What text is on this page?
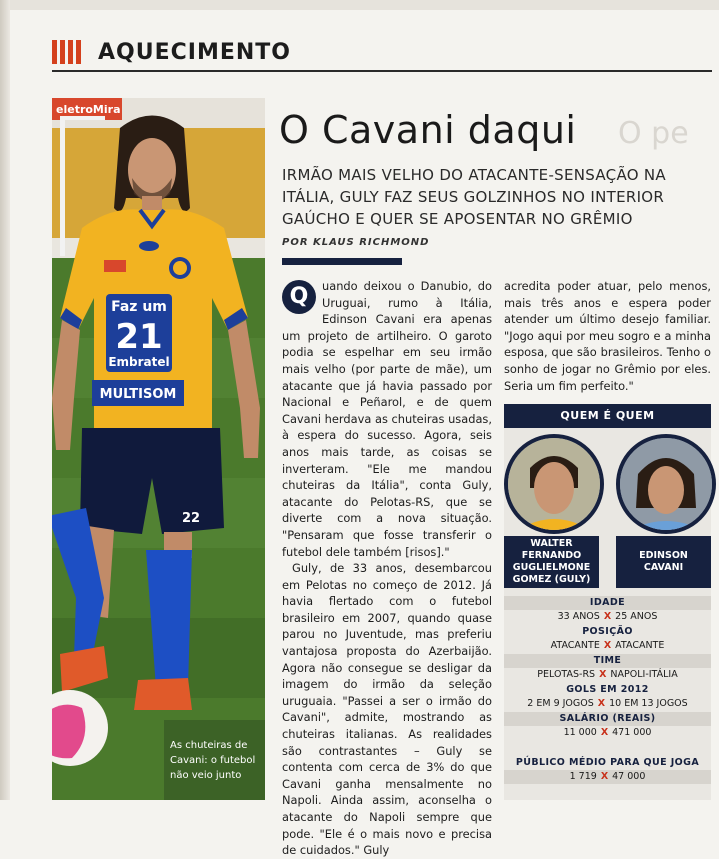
AQUECIMENTO
eletroMira
Faz um
21
Embratel
MULTISOM
22
As chuteiras de Cavani: o futebol não veio junto
O Cavani daqui O pe
IRMÃO MAIS VELHO DO ATACANTE-SENSAÇÃO NA ITÁLIA, GULY FAZ SEUS GOLZINHOS NO INTERIOR GAÚCHO E QUER SE APOSENTAR NO GRÊMIO
POR KLAUS RICHMOND

Q	uando deixou o Danubio, do Uruguai, rumo à Itália, Edinson Cavani era apenas um projeto de artilheiro. O garoto podia se espelhar em seu irmão mais velho (por parte de mãe), um atacante que já havia passado por Nacional e Peñarol, e de quem Cavani herdava as chuteiras usadas, à espera do sucesso. Agora, seis anos mais tarde, as coisas se inverteram. "Ele me mandou chuteiras da Itália", conta Guly, atacante do Pelotas-RS, que se diverte com a nova situação. "Pensaram que fosse transferir o futebol dele também [risos]."

Guly, de 33 anos, desembarcou em Pelotas no começo de 2012. Já havia flertado com o futebol brasileiro em 2007, quando quase parou no Juventude, mas preferiu vantajosa proposta do Azerbaijão. Agora não consegue se desligar da imagem do irmão da seleção uruguaia. "Passei a ser o irmão do Cavani", admite, mostrando as chuteiras italianas. As realidades são contrastantes – Guly se contenta com cerca de 3% do que Cavani ganha mensalmente no Napoli. Ainda assim, aconselha o atacante do Napoli sempre que pode. "Ele é o mais novo e precisa de cuidados." Guly

acredita poder atuar, pelo menos, mais três anos e espera poder atender um último desejo familiar. "Jogo aqui por meu sogro e a minha esposa, que são brasileiros. Tenho o sonho de jogar no Grêmio por eles. Seria um fim perfeito."

QUEM É QUEM
WALTER FERNANDO GUGLIELMONE GOMEZ (GULY)
EDINSON CAVANI
IDADE
33 ANOS X 25 ANOS
POSIÇÃO
ATACANTE X ATACANTE
TIME
PELOTAS-RS X NAPOLI-ITÁLIA
GOLS EM 2012
2 EM 9 JOGOS X 10 EM 13 JOGOS
SALÁRIO (REAIS)
11 000 X 471 000
PÚBLICO MÉDIO PARA QUE JOGA
1 719 X 47 000
